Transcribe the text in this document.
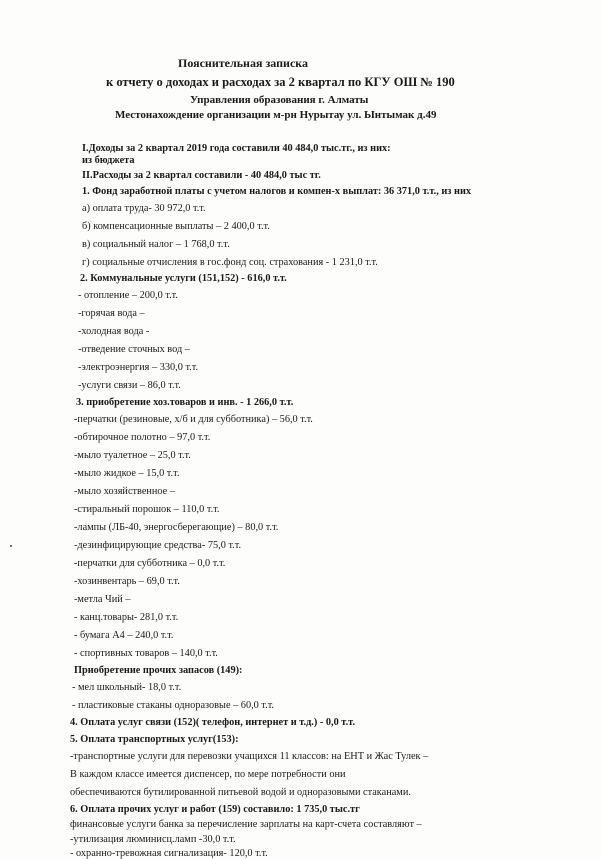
Пояснительная записка
к отчету о доходах и расходах за 2 квартал по КГУ ОШ № 190
Управления образования г. Алматы
Местонахождение организации м-рн Нурытау ул. Ынтымак д.49
I.Доходы за 2 квартал 2019 года составили 40 484,0 тыс.тг., из них:
из бюджета
II.Расходы за 2 квартал составили - 40 484,0 тыс тг.
1. Фонд заработной платы с учетом налогов и компен-х выплат: 36 371,0 т.т., из них
а) оплата труда- 30 972,0 т.т.
б) компенсационные выплаты – 2 400,0 т.т.
в) социальный налог – 1 768,0 т.т.
г) социальные отчисления в гос.фонд соц. страхования - 1 231,0 т.т.
2. Коммунальные услуги (151,152) - 616,0 т.т.
- отопление – 200,0 т.т.
-горячая вода –
-холодная вода -
-отведение сточных вод –
-электроэнергия – 330,0 т.т.
-услуги связи – 86,0 т.т.
3. приобретение хоз.товаров и инв. - 1 266,0 т.т.
-перчатки (резиновые, х/б и для субботника) – 56,0 т.т.
-обтирочное полотно – 97,0 т.т.
-мыло туалетное – 25,0 т.т.
-мыло жидкое – 15,0 т.т.
-мыло хозяйственное –
-стиральный порошок – 110,0 т.т.
-лампы (ЛБ-40, энергосберегающие) – 80,0 т.т.
-дезинфицирующие средства- 75,0 т.т.
-перчатки для субботника – 0,0 т.т.
-хозинвентарь – 69,0 т.т.
-метла Чий –
- канц.товары- 281,0 т.т.
- бумага А4 – 240,0 т.т.
- спортивных товаров – 140,0 т.т.
Приобретение прочих запасов (149):
- мел школьный- 18,0 т.т.
- пластиковые стаканы одноразовые – 60,0 т.т.
4. Оплата услуг связи (152)( телефон, интернет и т.д.) - 0,0 т.т.
5. Оплата транспортных услуг(153):
-транспортные услуги для перевозки учащихся 11 классов: на ЕНТ и Жас Тулек –
В каждом классе имеется диспенсер, по мере потребности они
обеспечиваются бутилированной питьевой водой и одноразовыми стаканами.
6. Оплата прочих услуг и работ (159) составило: 1 735,0 тыс.тг
финансовые услуги банка за перечисление зарплаты на карт-счета составляют –
-утилизация люминисц.ламп -30,0 т.т.
- охранно-тревожная сигнализация- 120,0 т.т.
